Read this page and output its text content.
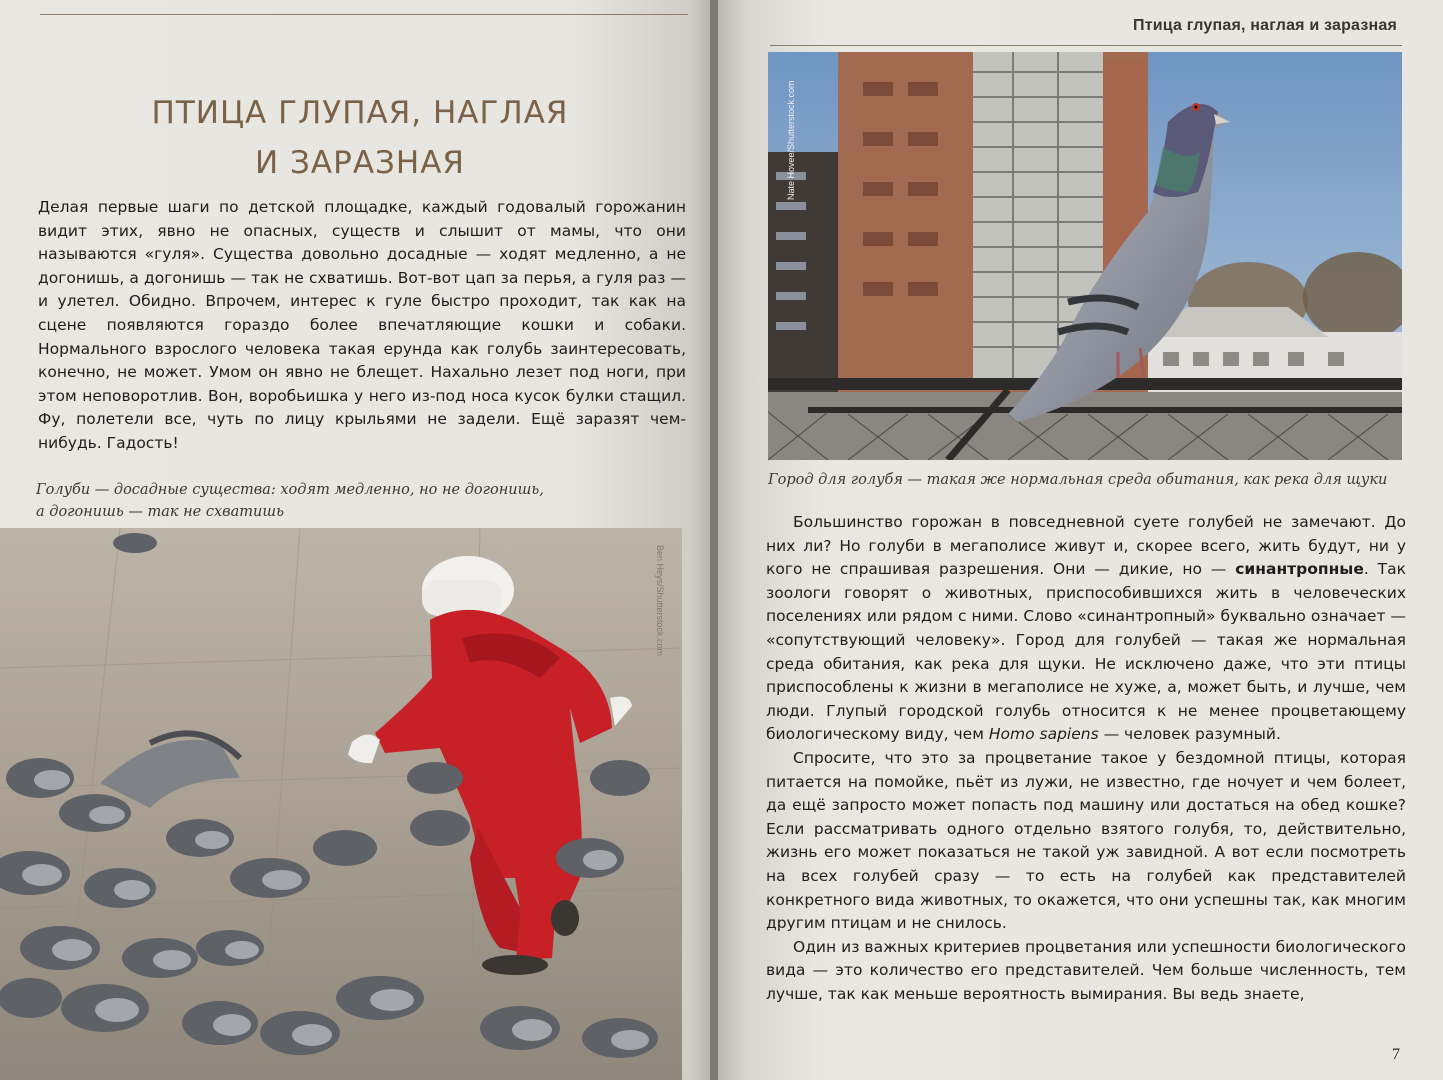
ПТИЦА ГЛУПАЯ, НАГЛАЯ
И ЗАРАЗНАЯ

Делая первые шаги по детской площадке, каждый годовалый горожанин видит этих, явно не опасных, существ и слышит от мамы, что они называются «гуля». Существа довольно досадные — ходят медленно, а не догонишь, а догонишь — так не схватишь. Вот-вот цап за перья, а гуля раз — и улетел. Обидно. Впрочем, интерес к гуле быстро проходит, так как на сцене появляются гораздо более впечатляющие кошки и собаки. Нормального взрослого человека такая ерунда как голубь заинтересовать, конечно, не может. Умом он явно не блещет. Нахально лезет под ноги, при этом неповоротлив. Вон, воробьишка у него из-под носа кусок булки стащил. Фу, полетели все, чуть по лицу крыльями не задели. Ещё заразят чем-нибудь. Гадость!

Голуби — досадные существа: ходят медленно, но не догонишь,
а догонишь — так не схватишь
Ben Heys/Shutterstock.com
Птица глупая, наглая и заразная
Nate Hovee/Shutterstock.com

Город для голубя — такая же нормальная среда обитания, как река для щуки

Большинство горожан в повседневной суете голубей не замечают. До них ли? Но голуби в мегаполисе живут и, скорее всего, жить будут, ни у кого не спрашивая разрешения. Они — дикие, но — синантропные. Так зоологи говорят о животных, приспособившихся жить в человеческих поселениях или рядом с ними. Слово «синантропный» буквально означает — «сопутствующий человеку». Город для голубей — такая же нормальная среда обитания, как река для щуки. Не исключено даже, что эти птицы приспособлены к жизни в мегаполисе не хуже, а, может быть, и лучше, чем люди. Глупый городской голубь относится к не менее процветающему биологическому виду, чем Homo sapiens — человек разумный.

Спросите, что это за процветание такое у бездомной птицы, которая питается на помойке, пьёт из лужи, не известно, где ночует и чем болеет, да ещё запросто может попасть под машину или достаться на обед кошке? Если рассматривать одного отдельно взятого голубя, то, действительно, жизнь его может показаться не такой уж завидной. А вот если посмотреть на всех голубей сразу — то есть на голубей как представителей конкретного вида животных, то окажется, что они успешны так, как многим другим птицам и не снилось.

Один из важных критериев процветания или успешности биологического вида — это количество его представителей. Чем больше численность, тем лучше, так как меньше вероятность вымирания. Вы ведь знаете,

7
